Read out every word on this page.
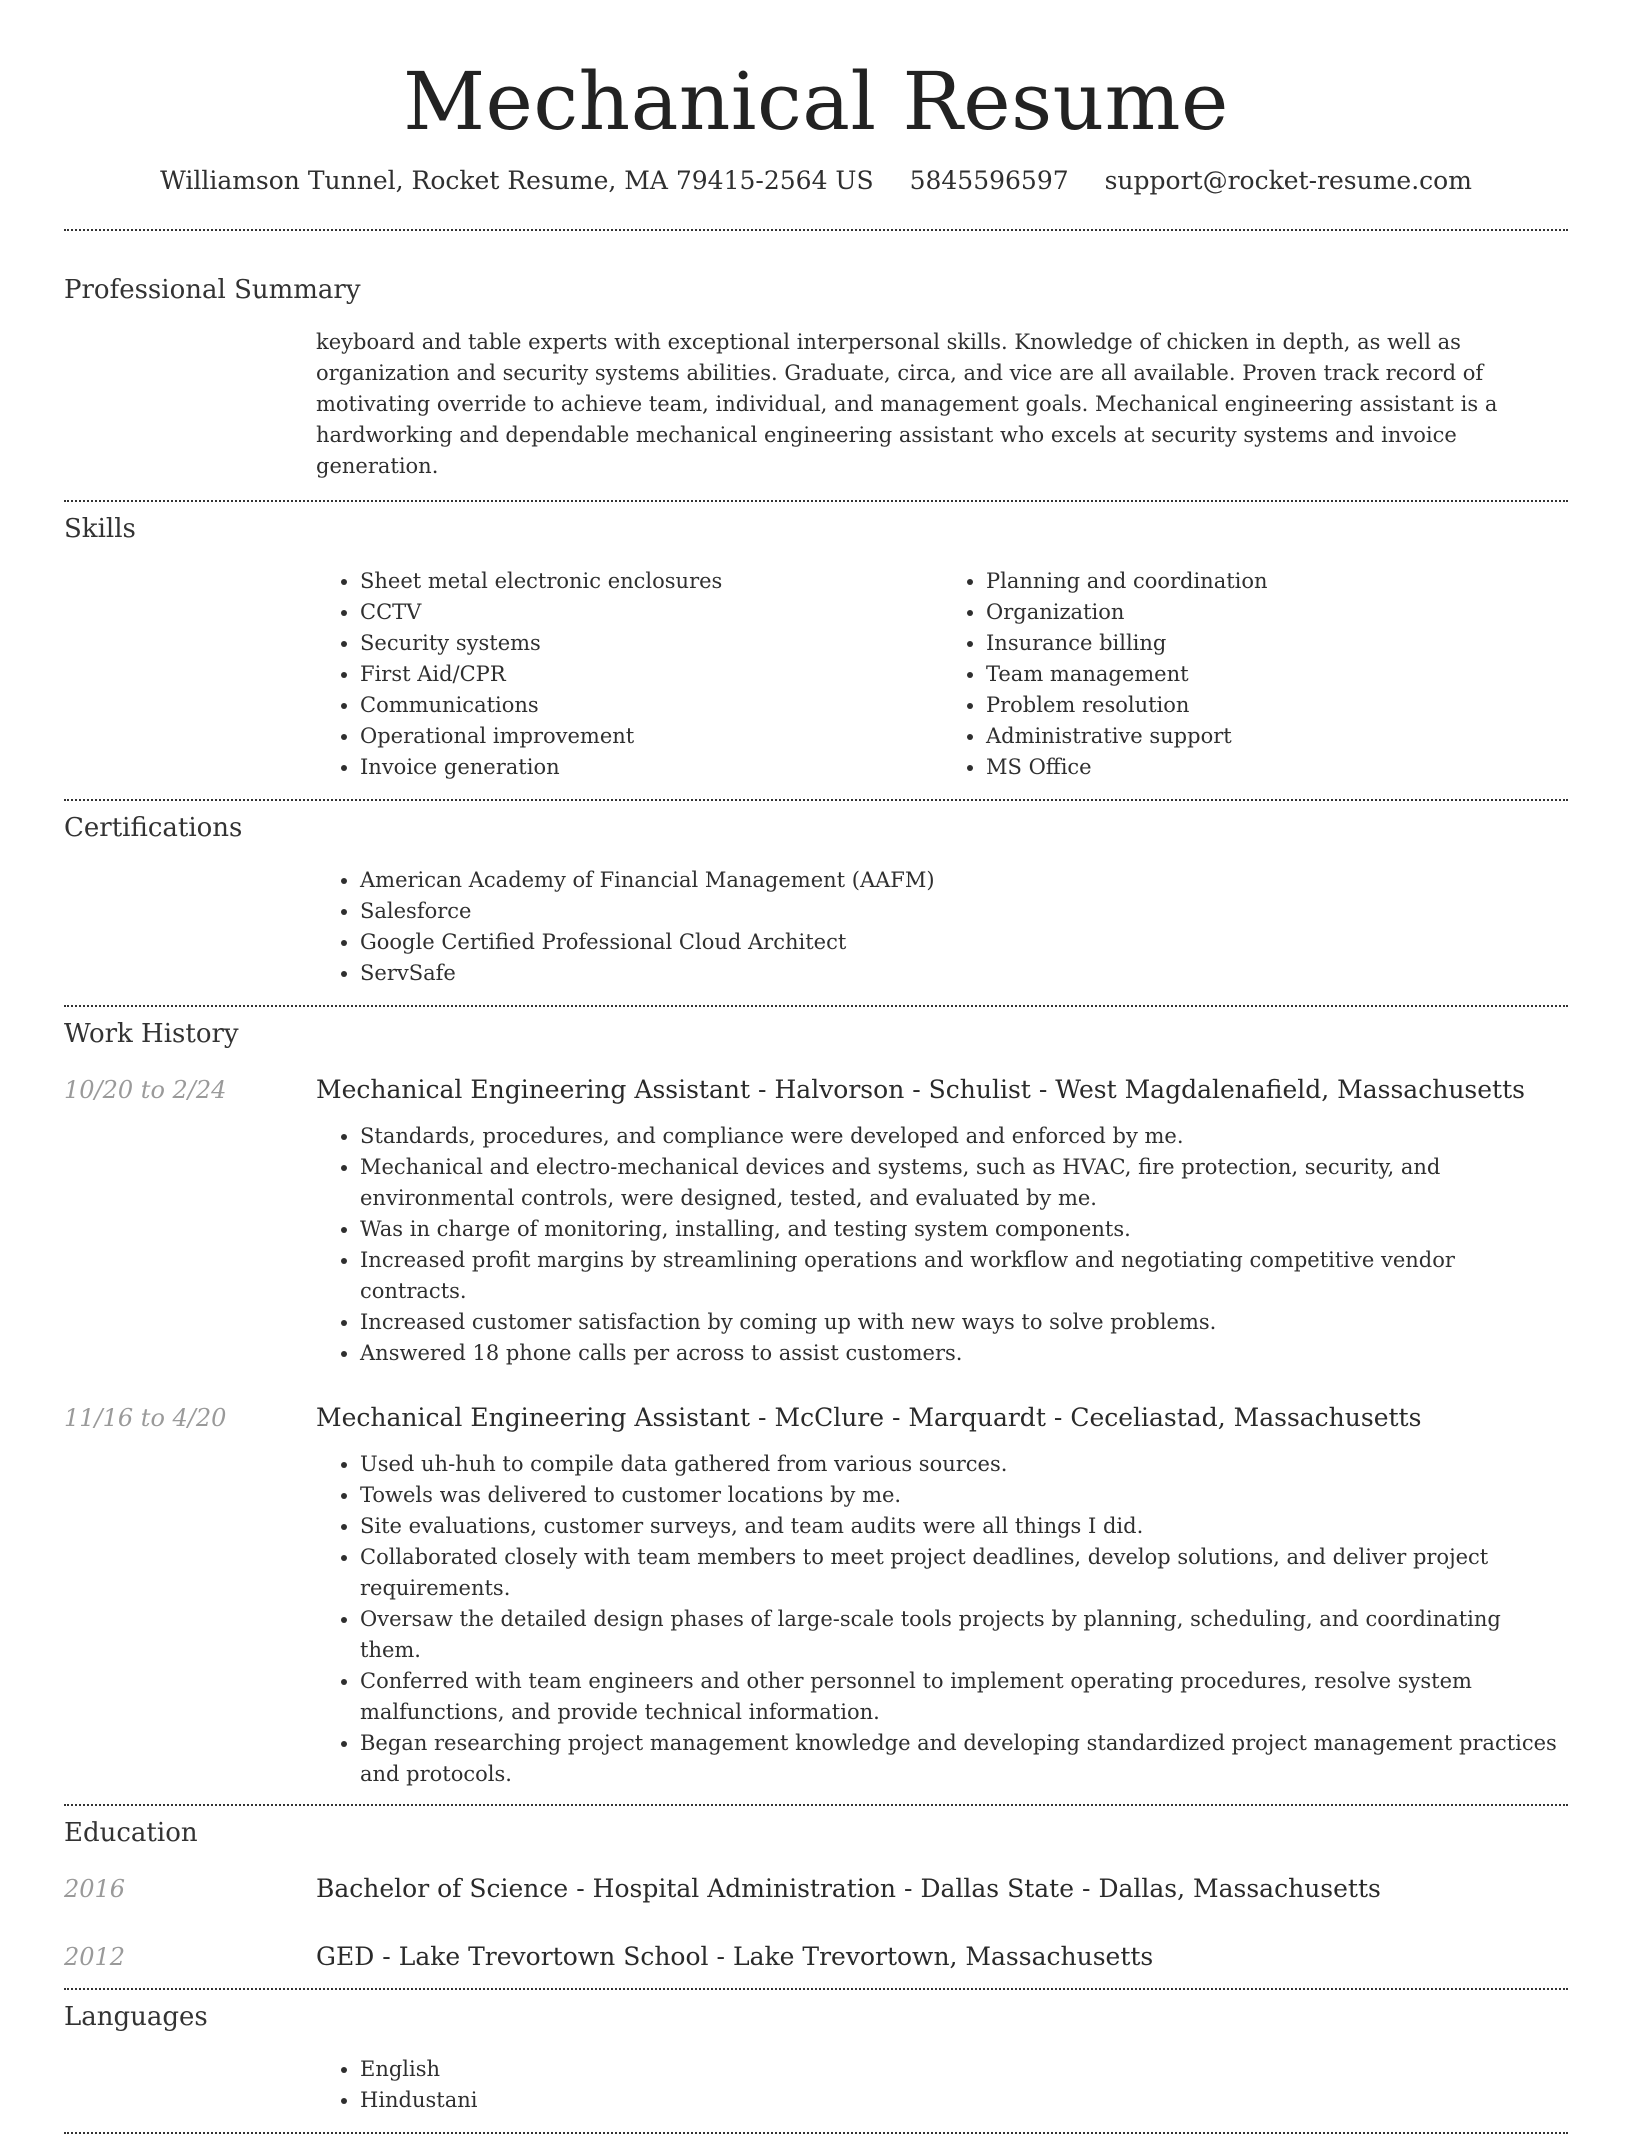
Mechanical Resume
Williamson Tunnel, Rocket Resume, MA 79415-2564 US 5845596597 support@rocket-resume.com
Professional Summary

keyboard and table experts with exceptional interpersonal skills. Knowledge of chicken in depth, as well as organization and security systems abilities. Graduate, circa, and vice are all available. Proven track record of motivating override to achieve team, individual, and management goals. Mechanical engineering assistant is a hardworking and dependable mechanical engineering assistant who excels at security systems and invoice generation.

Skills
• Sheet metal electronic enclosures
• CCTV
• Security systems
• First Aid/CPR
• Communications
• Operational improvement
• Invoice generation
• Planning and coordination
• Organization
• Insurance billing
• Team management
• Problem resolution
• Administrative support
• MS Office
Certifications
• American Academy of Financial Management (AAFM)
• Salesforce
• Google Certified Professional Cloud Architect
• ServSafe
Work History
10/20 to 2/24	Mechanical Engineering Assistant - Halvorson - Schulist - West Magdalenafield, Massachusetts
• Standards, procedures, and compliance were developed and enforced by me.
• Mechanical and electro-mechanical devices and systems, such as HVAC, fire protection, security, and environmental controls, were designed, tested, and evaluated by me.
• Was in charge of monitoring, installing, and testing system components.
• Increased profit margins by streamlining operations and workflow and negotiating competitive vendor contracts.
• Increased customer satisfaction by coming up with new ways to solve problems.
• Answered 18 phone calls per across to assist customers.
11/16 to 4/20	Mechanical Engineering Assistant - McClure - Marquardt - Ceceliastad, Massachusetts
• Used uh-huh to compile data gathered from various sources.
• Towels was delivered to customer locations by me.
• Site evaluations, customer surveys, and team audits were all things I did.
• Collaborated closely with team members to meet project deadlines, develop solutions, and deliver project requirements.
• Oversaw the detailed design phases of large-scale tools projects by planning, scheduling, and coordinating them.
• Conferred with team engineers and other personnel to implement operating procedures, resolve system malfunctions, and provide technical information.
• Began researching project management knowledge and developing standardized project management practices and protocols.
Education
2016	Bachelor of Science - Hospital Administration - Dallas State - Dallas, Massachusetts
2012	GED - Lake Trevortown School - Lake Trevortown, Massachusetts
Languages
• English
• Hindustani
